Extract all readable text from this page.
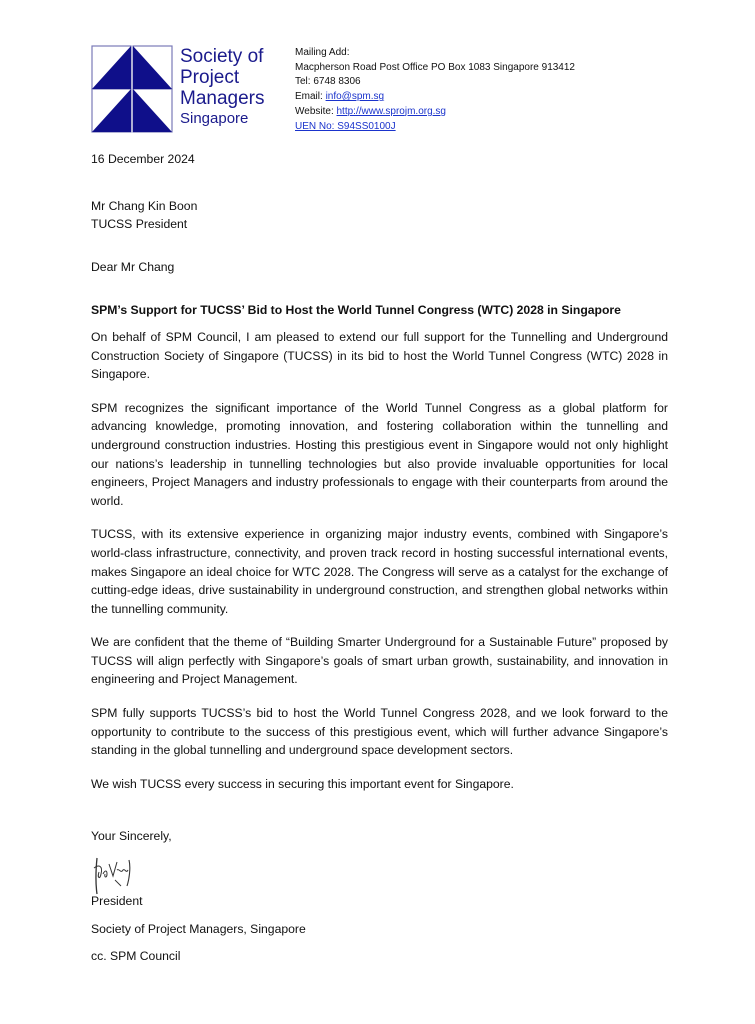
Society of
Project
Managers
Singapore
Mailing Add:
Macpherson Road Post Office PO Box 1083 Singapore 913412
Tel: 6748 8306
Email: info@spm.sg
Website: http://www.sprojm.org.sg
UEN No: S94SS0100J

16 December 2024

Mr Chang Kin Boon

TUCSS President

Dear Mr Chang

SPM’s Support for TUCSS’ Bid to Host the World Tunnel Congress (WTC) 2028 in Singapore

On behalf of SPM Council, I am pleased to extend our full support for the Tunnelling and Underground Construction Society of Singapore (TUCSS) in its bid to host the World Tunnel Congress (WTC) 2028 in Singapore.

SPM recognizes the significant importance of the World Tunnel Congress as a global platform for advancing knowledge, promoting innovation, and fostering collaboration within the tunnelling and underground construction industries. Hosting this prestigious event in Singapore would not only highlight our nations’s leadership in tunnelling technologies but also provide invaluable opportunities for local engineers, Project Managers and industry professionals to engage with their counterparts from around the world.

TUCSS, with its extensive experience in organizing major industry events, combined with Singapore’s world-class infrastructure, connectivity, and proven track record in hosting successful international events, makes Singapore an ideal choice for WTC 2028. The Congress will serve as a catalyst for the exchange of cutting-edge ideas, drive sustainability in underground construction, and strengthen global networks within the tunnelling community.

We are confident that the theme of “Building Smarter Underground for a Sustainable Future” proposed by TUCSS will align perfectly with Singapore’s goals of smart urban growth, sustainability, and innovation in engineering and Project Management.

SPM fully supports TUCSS’s bid to host the World Tunnel Congress 2028, and we look forward to the opportunity to contribute to the success of this prestigious event, which will further advance Singapore’s standing in the global tunnelling and underground space development sectors.

We wish TUCSS every success in securing this important event for Singapore.

Your Sincerely,

President

Society of Project Managers, Singapore

cc. SPM Council
